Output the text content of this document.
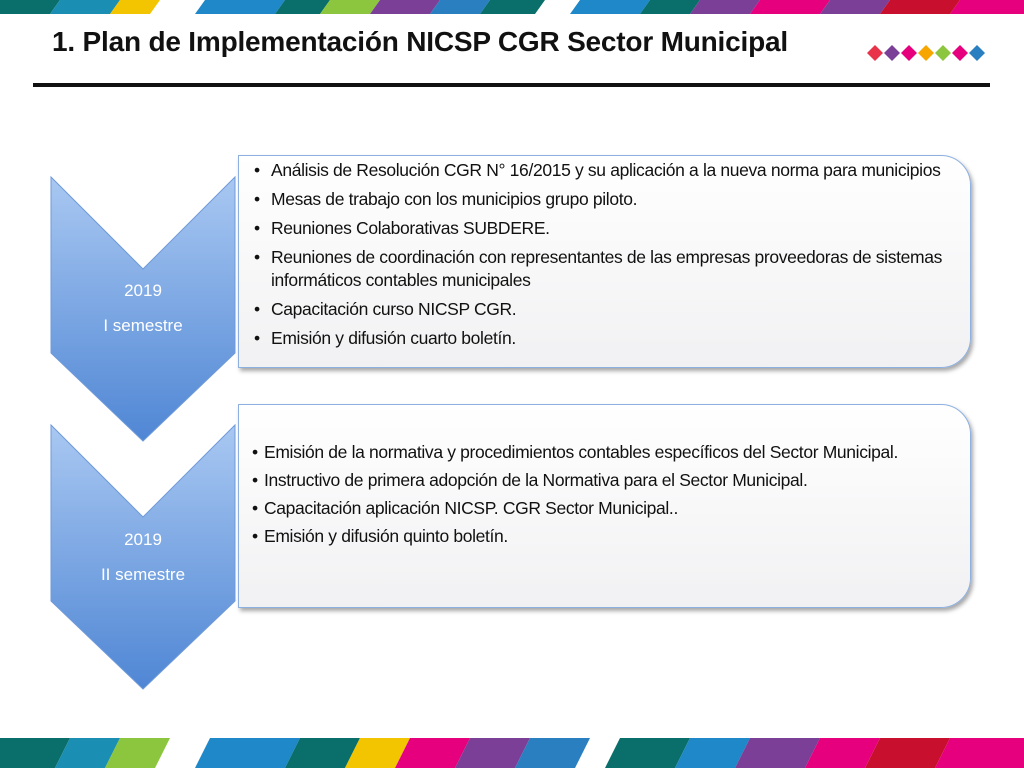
1. Plan de Implementación NICSP CGR Sector Municipal
2019
I semestre
• Análisis de Resolución CGR N° 16/2015 y su aplicación a la nueva norma para municipios
• Mesas de trabajo con los municipios grupo piloto.
• Reuniones Colaborativas SUBDERE.
• Reuniones de coordinación con representantes de las empresas proveedoras de sistemas informáticos contables municipales
• Capacitación curso NICSP CGR.
• Emisión y difusión cuarto boletín.
2019
II semestre
• Emisión de la normativa y procedimientos contables específicos del Sector Municipal.
• Instructivo de primera adopción de la Normativa para el Sector Municipal.
• Capacitación aplicación NICSP. CGR Sector Municipal..
• Emisión y difusión quinto boletín.
